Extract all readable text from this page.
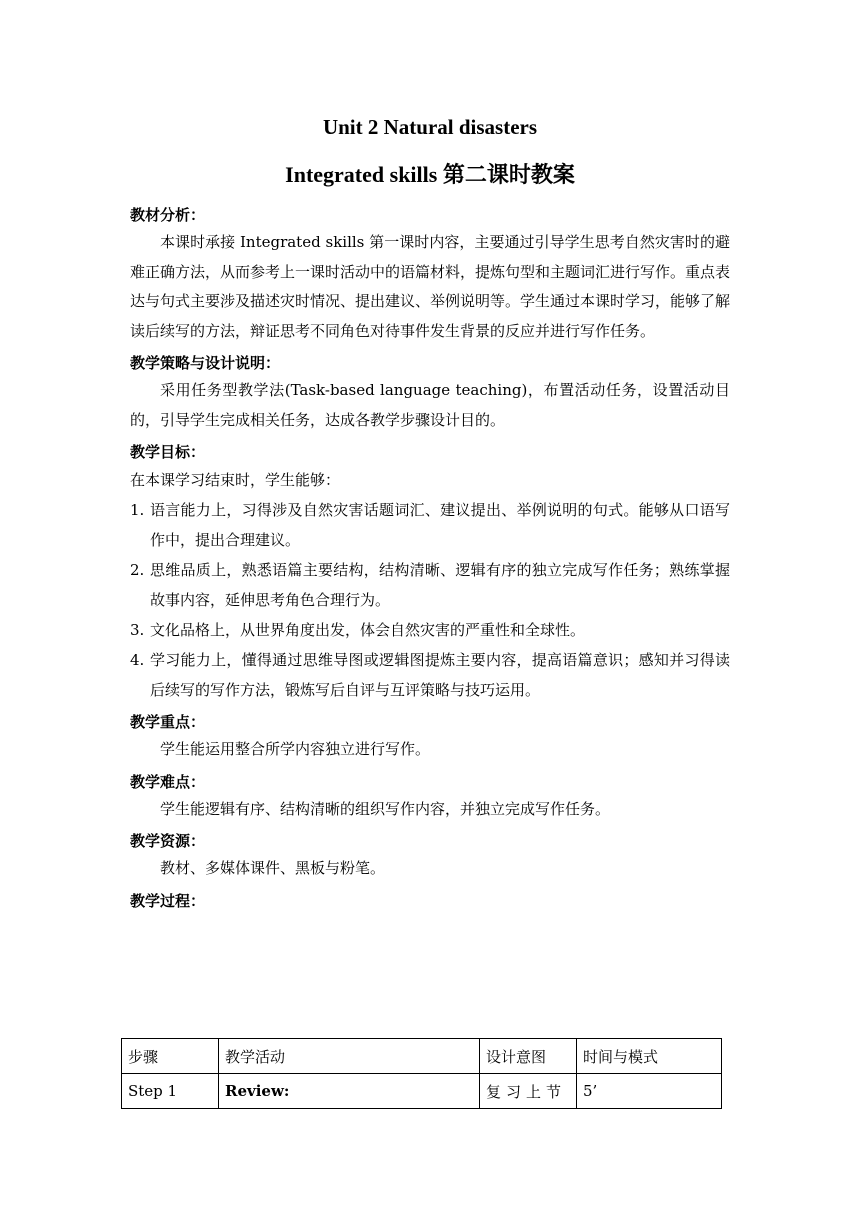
Unit 2 Natural disasters
Integrated skills 第二课时教案
教材分析：
本课时承接 Integrated skills 第一课时内容，主要通过引导学生思考自然灾害时的避难正确方法，从而参考上一课时活动中的语篇材料，提炼句型和主题词汇进行写作。重点表达与句式主要涉及描述灾时情况、提出建议、举例说明等。学生通过本课时学习，能够了解读后续写的方法，辩证思考不同角色对待事件发生背景的反应并进行写作任务。
教学策略与设计说明：
采用任务型教学法(Task-based language teaching)，布置活动任务，设置活动目的，引导学生完成相关任务，达成各教学步骤设计目的。
教学目标：
在本课学习结束时，学生能够：
1. 语言能力上，习得涉及自然灾害话题词汇、建议提出、举例说明的句式。能够从口语写作中，提出合理建议。
2. 思维品质上，熟悉语篇主要结构，结构清晰、逻辑有序的独立完成写作任务；熟练掌握故事内容，延伸思考角色合理行为。
3. 文化品格上，从世界角度出发，体会自然灾害的严重性和全球性。
4. 学习能力上，懂得通过思维导图或逻辑图提炼主要内容，提高语篇意识；感知并习得读后续写的写作方法，锻炼写后自评与互评策略与技巧运用。
教学重点：
学生能运用整合所学内容独立进行写作。
教学难点：
学生能逻辑有序、结构清晰的组织写作内容，并独立完成写作任务。
教学资源：
教材、多媒体课件、黑板与粉笔。
教学过程：
步骤	教学活动	设计意图	时间与模式
Step 1	Review:	复习上节	5’
